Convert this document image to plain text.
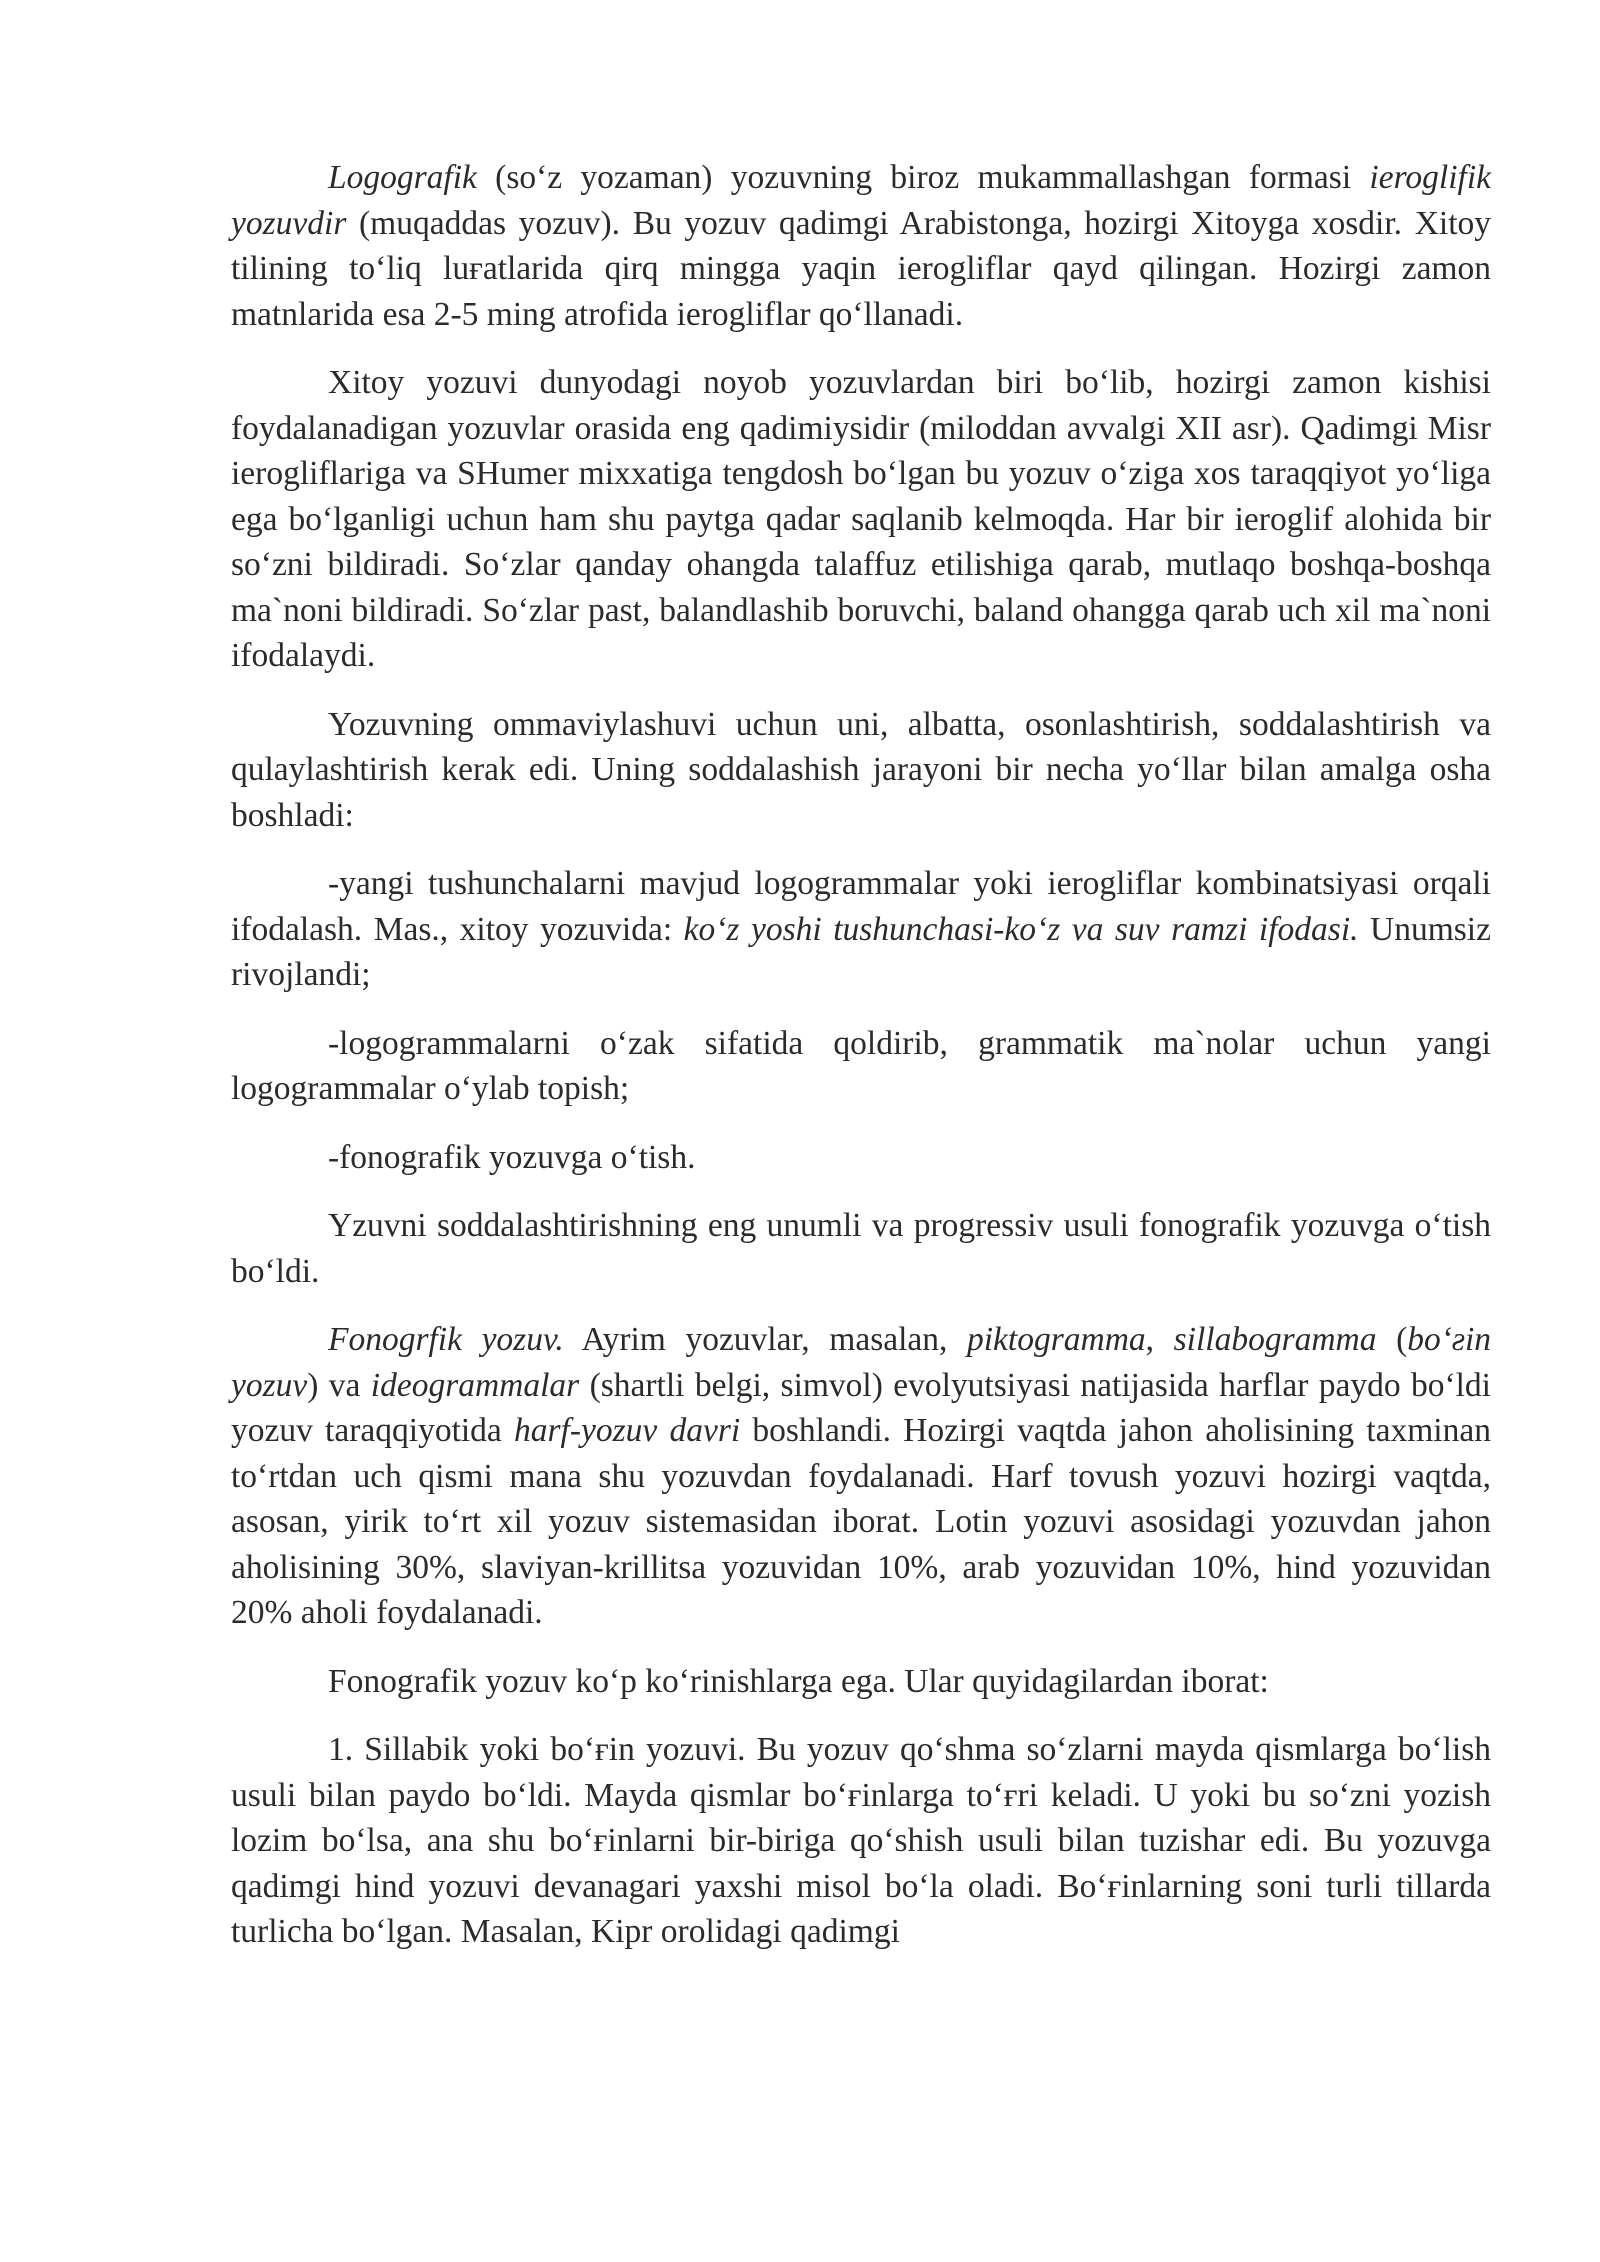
Logografik (so‘z yozaman) yozuvning biroz mukammallashgan formasi ieroglifik yozuvdir (muqaddas yozuv). Bu yozuv qadimgi Arabistonga, hozirgi Xitoyga xosdir. Xitoy tilining to‘liq luғatlarida qirq mingga yaqin ierogliflar qayd qilingan. Hozirgi zamon matnlarida esa 2-5 ming atrofida ierogliflar qo‘llanadi.

Xitoy yozuvi dunyodagi noyob yozuvlardan biri bo‘lib, hozirgi zamon kishisi foydalanadigan yozuvlar orasida eng qadimiysidir (miloddan avvalgi XII asr). Qadimgi Misr ierogliflariga va SHumer mixxatiga tengdosh bo‘lgan bu yozuv o‘ziga xos taraqqiyot yo‘liga ega bo‘lganligi uchun ham shu paytga qadar saqlanib kelmoqda. Har bir ieroglif alohida bir so‘zni bildiradi. So‘zlar qanday ohangda talaffuz etilishiga qarab, mutlaqo boshqa-boshqa ma`noni bildiradi. So‘zlar past, balandlashib boruvchi, baland ohangga qarab uch xil ma`noni ifodalaydi.

Yozuvning ommaviylashuvi uchun uni, albatta, osonlashtirish, soddalashtirish va qulaylashtirish kerak edi. Uning soddalashish jarayoni bir necha yo‘llar bilan amalga osha boshladi:

-yangi tushunchalarni mavjud logogrammalar yoki ierogliflar kombinatsiyasi orqali ifodalash. Mas., xitoy yozuvida: ko‘z yoshi tushunchasi-ko‘z va suv ramzi ifodasi. Unumsiz rivojlandi;

-logogrammalarni o‘zak sifatida qoldirib, grammatik ma`nolar uchun yangi logogrammalar o‘ylab topish;

-fonografik yozuvga o‘tish.

Yzuvni soddalashtirishning eng unumli va progressiv usuli fonografik yozuvga o‘tish bo‘ldi.

Fonogrfik yozuv. Ayrim yozuvlar, masalan, piktogramma, sillabogramma (bo‘ƨin yozuv) va ideogrammalar (shartli belgi, simvol) evolyutsiyasi natijasida harflar paydo bo‘ldi yozuv taraqqiyotida harf-yozuv davri boshlandi. Hozirgi vaqtda jahon aholisining taxminan to‘rtdan uch qismi mana shu yozuvdan foydalanadi. Harf tovush yozuvi hozirgi vaqtda, asosan, yirik to‘rt xil yozuv sistemasidan iborat. Lotin yozuvi asosidagi yozuvdan jahon aholisining 30%, slaviyan-krillitsa yozuvidan 10%, arab yozuvidan 10%, hind yozuvidan 20% aholi foydalanadi.

Fonografik yozuv ko‘p ko‘rinishlarga ega. Ular quyidagilardan iborat:

1. Sillabik yoki bo‘ғin yozuvi. Bu yozuv qo‘shma so‘zlarni mayda qismlarga bo‘lish usuli bilan paydo bo‘ldi. Mayda qismlar bo‘ғinlarga to‘ғri keladi. U yoki bu so‘zni yozish lozim bo‘lsa, ana shu bo‘ғinlarni bir-biriga qo‘shish usuli bilan tuzishar edi. Bu yozuvga qadimgi hind yozuvi devanagari yaxshi misol bo‘la oladi. Bo‘ғinlarning soni turli tillarda turlicha bo‘lgan. Masalan, Kipr orolidagi qadimgi
